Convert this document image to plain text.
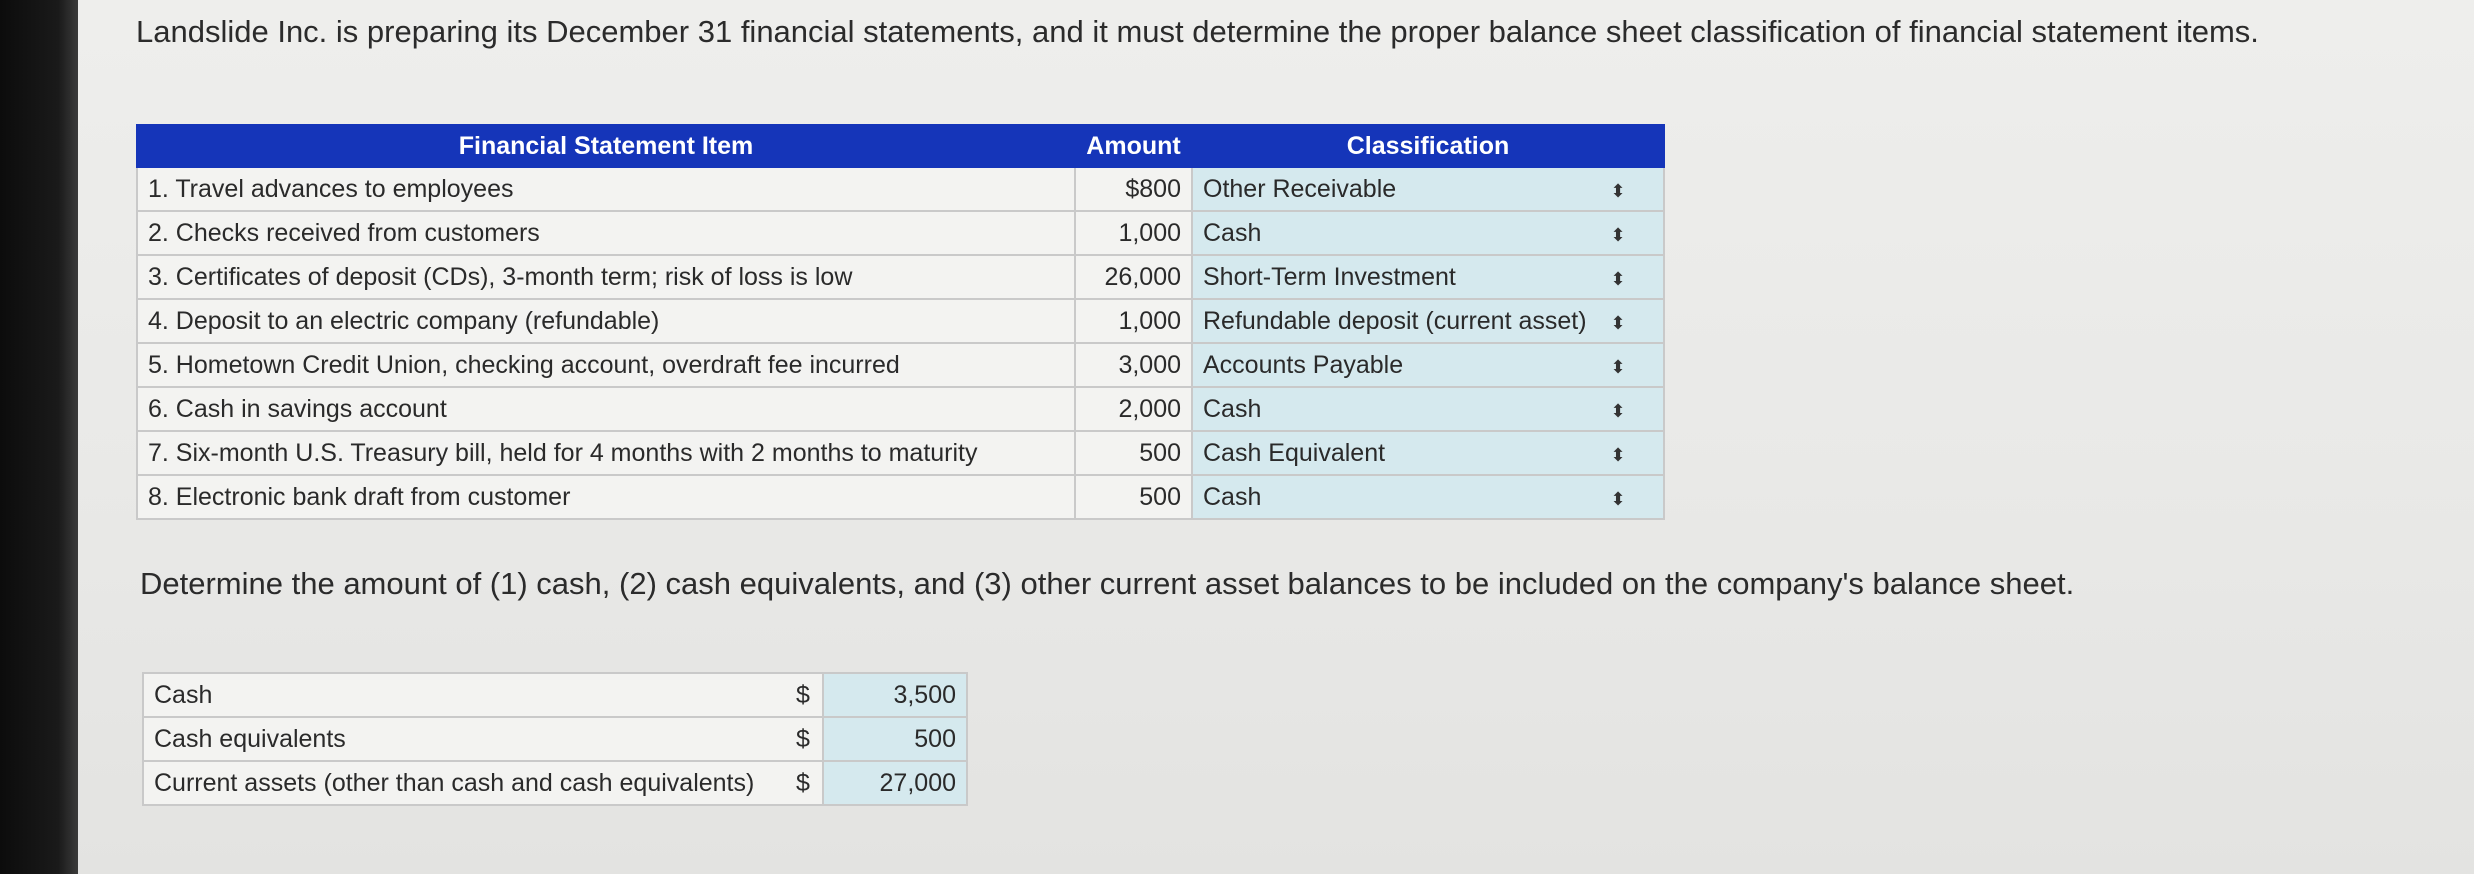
Landslide Inc. is preparing its December 31 financial statements, and it must determine the proper balance sheet classification of financial statement items.
Financial Statement Item	Amount	Classification
1. Travel advances to employees	$800	Other Receivable ⬍
2. Checks received from customers	1,000	Cash ⬍
3. Certificates of deposit (CDs), 3-month term; risk of loss is low	26,000	Short-Term Investment ⬍
4. Deposit to an electric company (refundable)	1,000	Refundable deposit (current asset) ⬍
5. Hometown Credit Union, checking account, overdraft fee incurred	3,000	Accounts Payable ⬍
6. Cash in savings account	2,000	Cash ⬍
7. Six-month U.S. Treasury bill, held for 4 months with 2 months to maturity	500	Cash Equivalent ⬍
8. Electronic bank draft from customer	500	Cash ⬍
Determine the amount of (1) cash, (2) cash equivalents, and (3) other current asset balances to be included on the company's balance sheet.
Cash	$	3,500
Cash equivalents	$	500
Current assets (other than cash and cash equivalents)	$	27,000
